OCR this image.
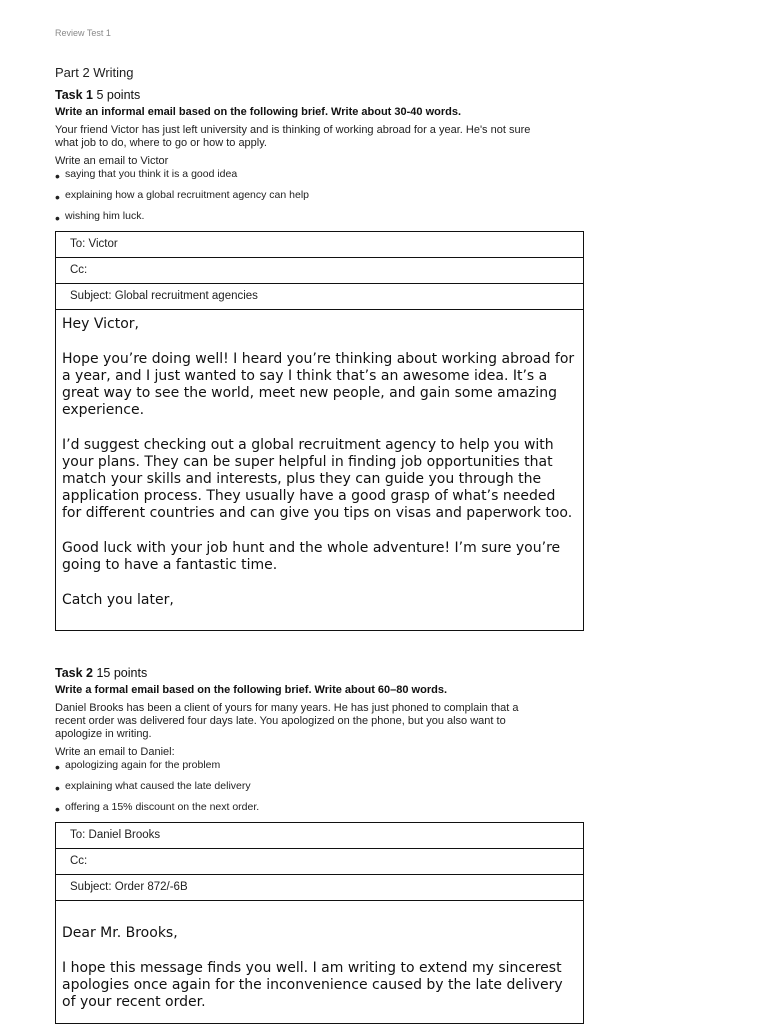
Review Test 1
Part 2 Writing
Task 1 5 points
Write an informal email based on the following brief. Write about 30-40 words.
Your friend Victor has just left university and is thinking of working abroad for a year. He's not sure
what job to do, where to go or how to apply.
Write an email to Victor
• saying that you think it is a good idea
• explaining how a global recruitment agency can help
• wishing him luck.
To: Victor
Cc:
Subject: Global recruitment agencies

Hey Victor,

Hope you’re doing well! I heard you’re thinking about working abroad for a year, and I just wanted to say I think that’s an awesome idea. It’s a great way to see the world, meet new people, and gain some amazing experience.

I’d suggest checking out a global recruitment agency to help you with your plans. They can be super helpful in finding job opportunities that match your skills and interests, plus they can guide you through the application process. They usually have a good grasp of what’s needed for different countries and can give you tips on visas and paperwork too.

Good luck with your job hunt and the whole adventure! I’m sure you’re going to have a fantastic time.

Catch you later,

Task 2 15 points
Write a formal email based on the following brief. Write about 60–80 words.
Daniel Brooks has been a client of yours for many years. He has just phoned to complain that a
recent order was delivered four days late. You apologized on the phone, but you also want to
apologize in writing.
Write an email to Daniel:
• apologizing again for the problem
• explaining what caused the late delivery
• offering a 15% discount on the next order.
To: Daniel Brooks
Cc:
Subject: Order 872/-6B

Dear Mr. Brooks,

I hope this message finds you well. I am writing to extend my sincerest apologies once again for the inconvenience caused by the late delivery of your recent order.
